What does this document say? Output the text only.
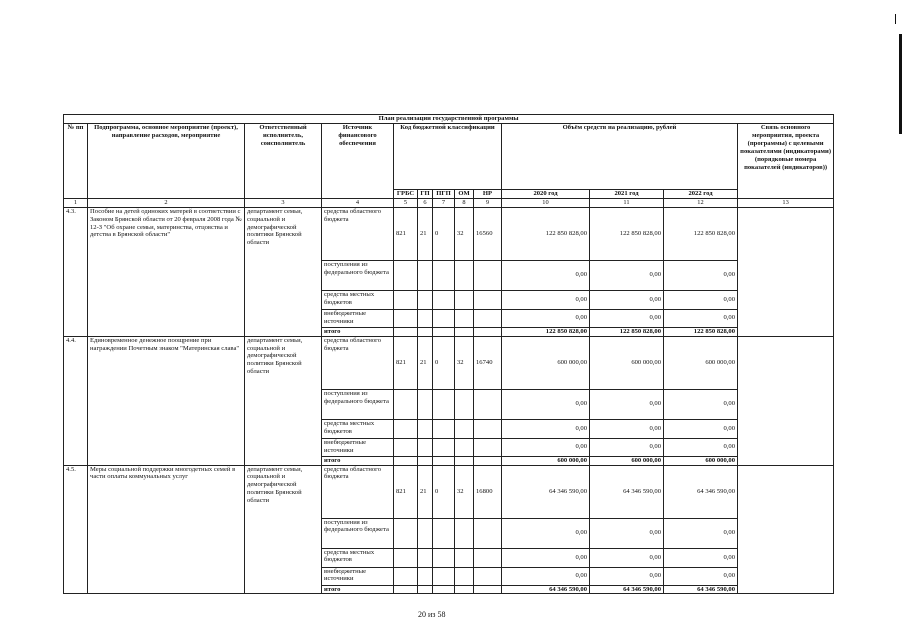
План реализации государственной программы												
№ пп	Подпрограмма, основное мероприятие (проект), направление расходов, мероприятие	Ответственный исполнитель, соисполнитель	Источник финансового обеспечения	Код бюджетной классификации					Объём средств на реализацию, рублей			Связь основного мероприятия, проекта (программы) с целевыми показателями (индикаторами) (порядковые номера показателей (индикаторов))
				ГРБС	ГП	ПГП	ОМ	НР	2020 год	2021 год	2022 год	
1	2	3	4	5	6	7	8	9	10	11	12	13
4.3.	Пособие на детей одиноких матерей в соответствии с Законом Брянской области от 20 февраля 2008 года № 12-З "Об охране семьи, материнства, отцовства и детства в Брянской области"	департамент семьи, социальной и демографической политики Брянской области	средства областного бюджета	821	21	0	32	16560	122 850 828,00	122 850 828,00	122 850 828,00	
			поступления из федерального бюджета						0,00	0,00	0,00	
			средства местных бюджетов						0,00	0,00	0,00	
			внебюджетные источники						0,00	0,00	0,00	
			итого						122 850 828,00	122 850 828,00	122 850 828,00	
4.4.	Единовременное денежное поощрение при награждении Почетным знаком "Материнская слава"	департамент семьи, социальной и демографической политики Брянской области	средства областного бюджета	821	21	0	32	16740	600 000,00	600 000,00	600 000,00	
			поступления из федерального бюджета						0,00	0,00	0,00	
			средства местных бюджетов						0,00	0,00	0,00	
			внебюджетные источники						0,00	0,00	0,00	
			итого						600 000,00	600 000,00	600 000,00	
4.5.	Меры социальной поддержки многодетных семей в части оплаты коммунальных услуг	департамент семьи, социальной и демографической политики Брянской области	средства областного бюджета	821	21	0	32	16800	64 346 590,00	64 346 590,00	64 346 590,00	
			поступления из федерального бюджета						0,00	0,00	0,00	
			средства местных бюджетов						0,00	0,00	0,00	
			внебюджетные источники						0,00	0,00	0,00	
			итого						64 346 590,00	64 346 590,00	64 346 590,00	
20 из 58
